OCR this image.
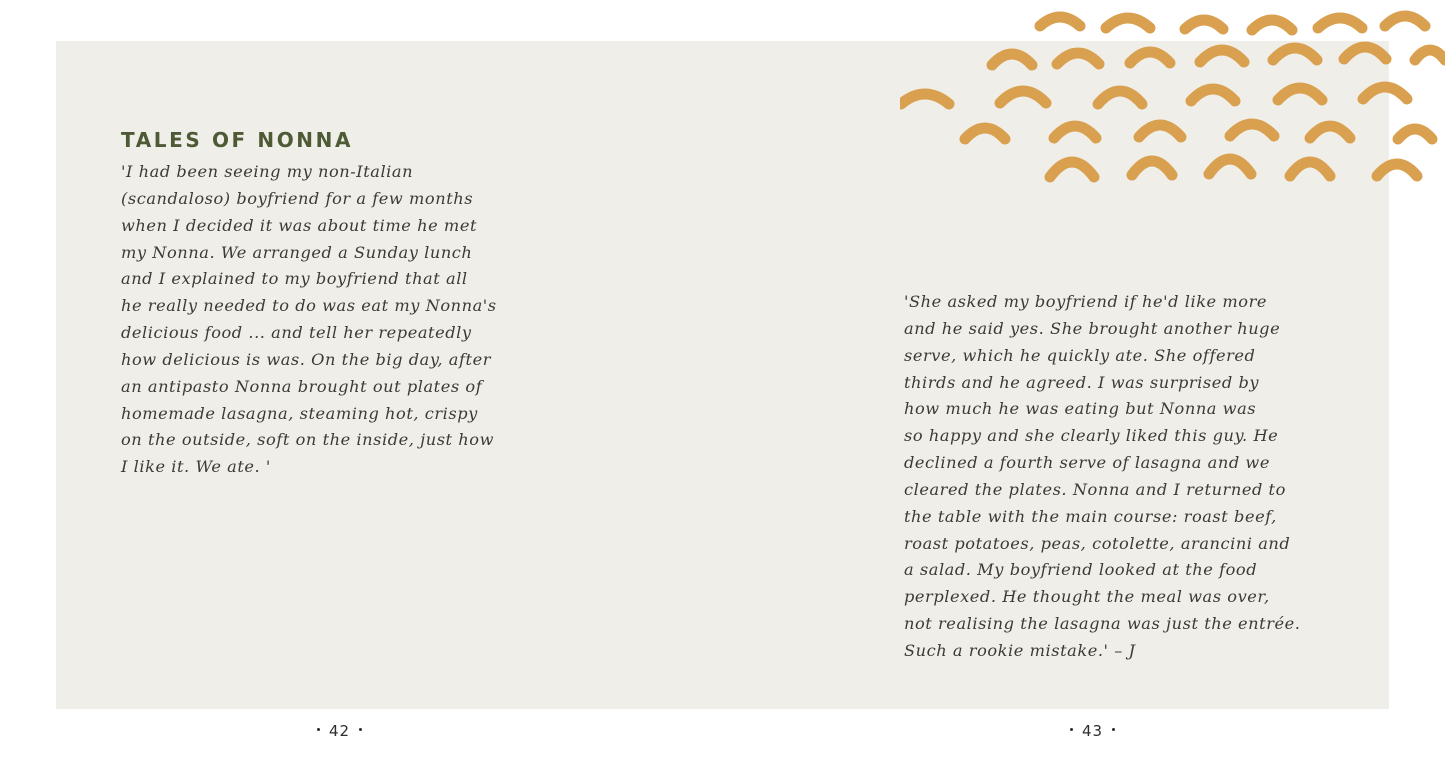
TALES OF NONNA

'I had been seeing my non-Italian
(scandaloso) boyfriend for a few months
when I decided it was about time he met
my Nonna. We arranged a Sunday lunch
and I explained to my boyfriend that all
he really needed to do was eat my Nonna's
delicious food ... and tell her repeatedly
how delicious is was. On the big day, after
an antipasto Nonna brought out plates of
homemade lasagna, steaming hot, crispy
on the outside, soft on the inside, just how
I like it. We ate. '

'She asked my boyfriend if he'd like more
and he said yes. She brought another huge
serve, which he quickly ate. She offered
thirds and he agreed. I was surprised by
how much he was eating but Nonna was
so happy and she clearly liked this guy. He
declined a fourth serve of lasagna and we
cleared the plates. Nonna and I returned to
the table with the main course: roast beef,
roast potatoes, peas, cotolette, arancini and
a salad. My boyfriend looked at the food
perplexed. He thought the meal was over,
not realising the lasagna was just the entrée.
Such a rookie mistake.' – J

42	43
